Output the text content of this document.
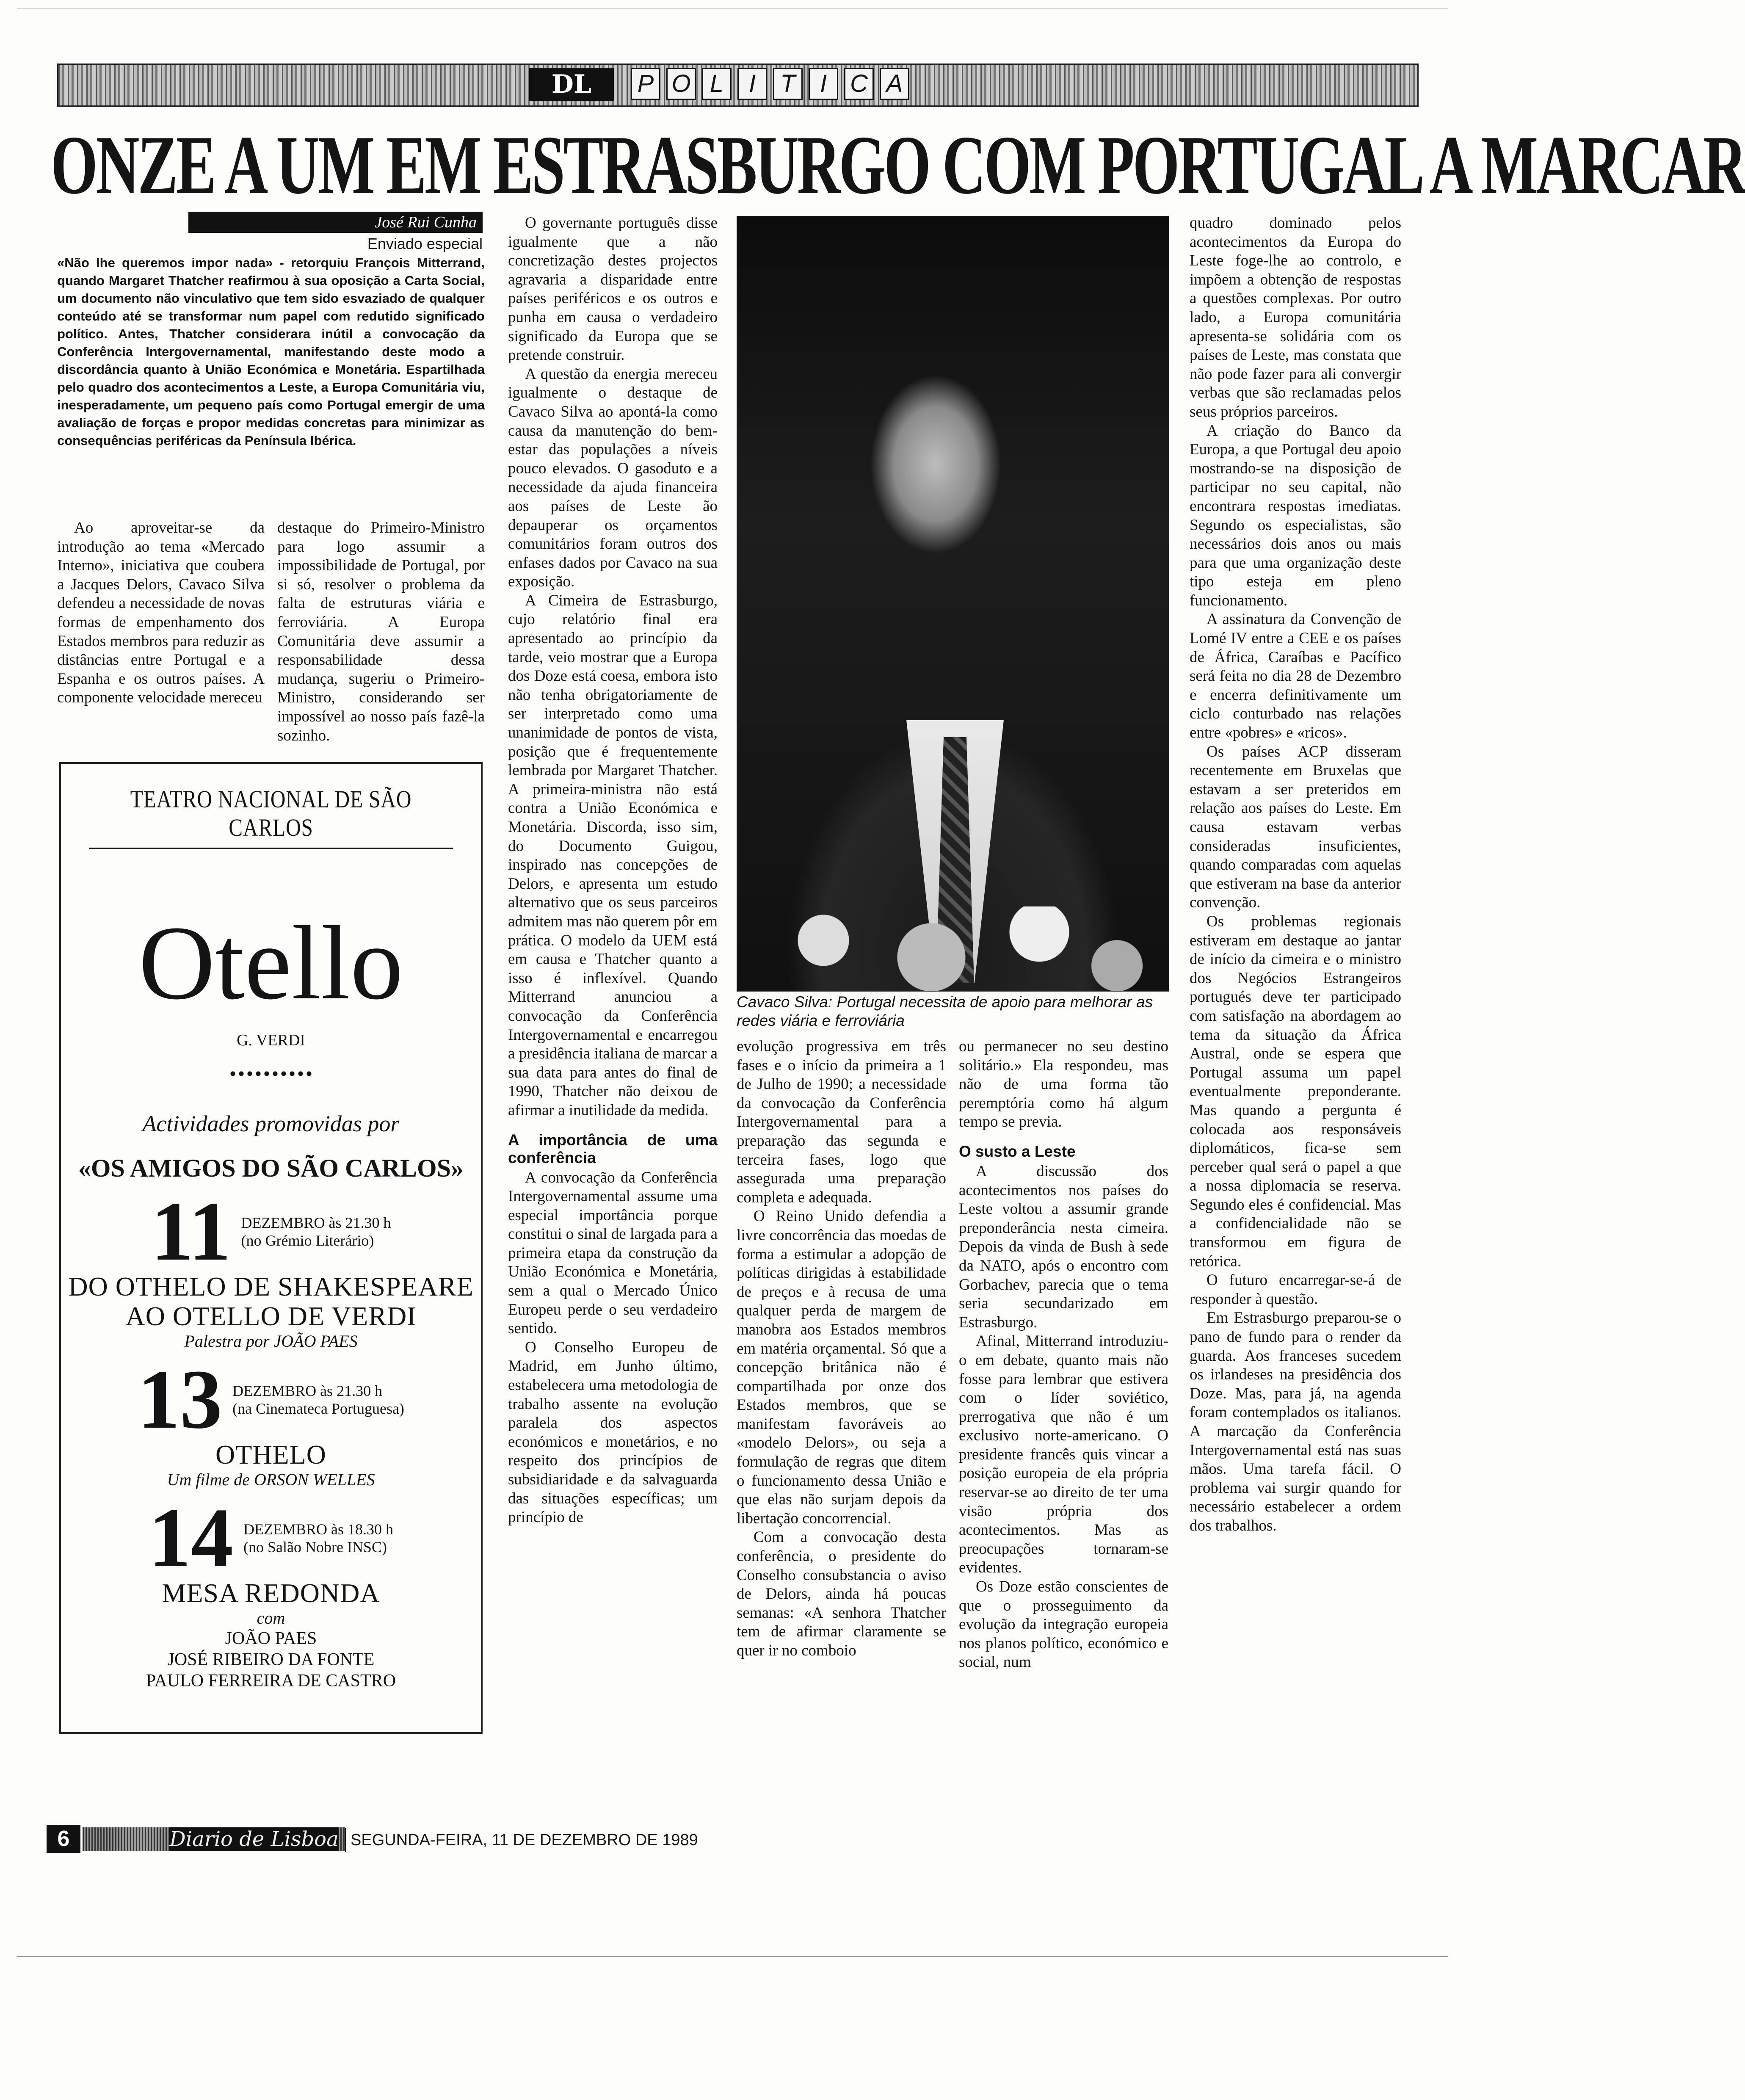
DL	P O L	I	T	I C A
ONZE A UM EM ESTRASBURGO COM PORTUGAL A MARCAR
José Rui Cunha
Enviado especial
«Não lhe queremos impor nada» - retorquiu François Mitterrand, quando Margaret Thatcher reafirmou à sua oposição a Carta Social, um documento não vinculativo que tem sido esvaziado de qualquer conteúdo até se transformar num papel com redutido significado político. Antes, Thatcher considerara inútil a convocação da Conferência Intergovernamental, manifestando deste modo a discordância quanto à União Económica e Monetária. Espartilhada pelo quadro dos acontecimentos a Leste, a Europa Comunitária viu, inesperadamente, um pequeno país como Portugal emergir de uma avaliação de forças e propor medidas concretas para minimizar as consequências periféricas da Península Ibérica.

Ao aproveitar-se da introdução ao tema «Mercado Interno», iniciativa que coubera a Jacques Delors, Cavaco Silva defendeu a necessidade de novas formas de empenhamento dos Estados membros para reduzir as distâncias entre Portugal e a Espanha e os outros países. A componente velocidade mereceu

destaque do Primeiro-Ministro para logo assumir a impossibilidade de Portugal, por si só, resolver o problema da falta de estruturas viária e ferroviária. A Europa Comunitária deve assumir a responsabilidade dessa mudança, sugeriu o Primeiro-Ministro, considerando ser impossível ao nosso país fazê-la sozinho.

O governante português disse igualmente que a não concretização destes projectos agravaria a disparidade entre países periféricos e os outros e punha em causa o verdadeiro significado da Europa que se pretende construir.

A questão da energia mereceu igualmente o destaque de Cavaco Silva ao apontá-la como causa da manutenção do bem-estar das populações a níveis pouco elevados. O gasoduto e a necessidade da ajuda financeira aos países de Leste ão depauperar os orçamentos comunitários foram outros dos enfases dados por Cavaco na sua exposição.

A Cimeira de Estrasburgo, cujo relatório final era apresentado ao princípio da tarde, veio mostrar que a Europa dos Doze está coesa, embora isto não tenha obrigatoriamente de ser interpretado como uma unanimidade de pontos de vista, posição que é frequentemente lembrada por Margaret Thatcher. A primeira-ministra não está contra a União Económica e Monetária. Discorda, isso sim, do Documento Guigou, inspirado nas concepções de Delors, e apresenta um estudo alternativo que os seus parceiros admitem mas não querem pôr em prática. O modelo da UEM está em causa e Thatcher quanto a isso é inflexível. Quando Mitterrand anunciou a convocação da Conferência Intergovernamental e encarregou a presidência italiana de marcar a sua data para antes do final de 1990, Thatcher não deixou de afirmar a inutilidade da medida.

A importância de uma conferência

A convocação da Conferência Intergovernamental assume uma especial importância porque constitui o sinal de largada para a primeira etapa da construção da União Económica e Monetária, sem a qual o Mercado Único Europeu perde o seu verdadeiro sentido.

O Conselho Europeu de Madrid, em Junho último, estabelecera uma metodologia de trabalho assente na evolução paralela dos aspectos económicos e monetários, e no respeito dos princípios de subsidiaridade e da salvaguarda das situações específicas; um princípio de

Cavaco Silva: Portugal necessita de apoio para melhorar as redes viária e ferroviária

evolução progressiva em três fases e o início da primeira a 1 de Julho de 1990; a necessidade da convocação da Conferência Intergovernamental para a preparação das segunda e terceira fases, logo que assegurada uma preparação completa e adequada.

O Reino Unido defendia a livre concorrência das moedas de forma a estimular a adopção de políticas dirigidas à estabilidade de preços e à recusa de uma qualquer perda de margem de manobra aos Estados membros em matéria orçamental. Só que a concepção britânica não é compartilhada por onze dos Estados membros, que se manifestam favoráveis ao «modelo Delors», ou seja a formulação de regras que ditem o funcionamento dessa União e que elas não surjam depois da libertação concorrencial.

Com a convocação desta conferência, o presidente do Conselho consubstancia o aviso de Delors, ainda há poucas semanas: «A senhora Thatcher tem de afirmar claramente se quer ir no comboio

ou permanecer no seu destino solitário.» Ela respondeu, mas não de uma forma tão peremptória como há algum tempo se previa.

O susto a Leste

A discussão dos acontecimentos nos países do Leste voltou a assumir grande preponderância nesta cimeira. Depois da vinda de Bush à sede da NATO, após o encontro com Gorbachev, parecia que o tema seria secundarizado em Estrasburgo.

Afinal, Mitterrand introduziu-o em debate, quanto mais não fosse para lembrar que estivera com o líder soviético, prerrogativa que não é um exclusivo norte-americano. O presidente francês quis vincar a posição europeia de ela própria reservar-se ao direito de ter uma visão própria dos acontecimentos. Mas as preocupações tornaram-se evidentes.

Os Doze estão conscientes de que o prosseguimento da evolução da integração europeia nos planos político, económico e social, num

quadro dominado pelos acontecimentos da Europa do Leste foge-lhe ao controlo, e impõem a obtenção de respostas a questões complexas. Por outro lado, a Europa comunitária apresenta-se solidária com os países de Leste, mas constata que não pode fazer para ali convergir verbas que são reclamadas pelos seus próprios parceiros.

A criação do Banco da Europa, a que Portugal deu apoio mostrando-se na disposição de participar no seu capital, não encontrara respostas imediatas. Segundo os especialistas, são necessários dois anos ou mais para que uma organização deste tipo esteja em pleno funcionamento.

A assinatura da Convenção de Lomé IV entre a CEE e os países de África, Caraíbas e Pacífico será feita no dia 28 de Dezembro e encerra definitivamente um ciclo conturbado nas relações entre «pobres» e «ricos».

Os países ACP disseram recentemente em Bruxelas que estavam a ser preteridos em relação aos países do Leste. Em causa estavam verbas consideradas insuficientes, quando comparadas com aquelas que estiveram na base da anterior convenção.

Os problemas regionais estiveram em destaque ao jantar de início da cimeira e o ministro dos Negócios Estrangeiros portugués deve ter participado com satisfação na abordagem ao tema da situação da África Austral, onde se espera que Portugal assuma um papel eventualmente preponderante. Mas quando a pergunta é colocada aos responsáveis diplomáticos, fica-se sem perceber qual será o papel a que a nossa diplomacia se reserva. Segundo eles é confidencial. Mas a confidencialidade não se transformou em figura de retórica.

O futuro encarregar-se-á de responder à questão.

Em Estrasburgo preparou-se o pano de fundo para o render da guarda. Aos franceses sucedem os irlandeses na presidência dos Doze. Mas, para já, na agenda foram contemplados os italianos. A marcação da Conferência Intergovernamental está nas suas mãos. Uma tarefa fácil. O problema vai surgir quando for necessário estabelecer a ordem dos trabalhos.

TEATRO NACIONAL DE SÃO CARLOS
Otello
G. VERDI
Actividades promovidas por
«OS AMIGOS DO SÃO CARLOS»
11 DEZEMBRO às 21.30 h
(no Grémio Literário)
DO OTHELO DE SHAKESPEARE
AO OTELLO DE VERDI
Palestra por JOÃO PAES
13 DEZEMBRO às 21.30 h
(na Cinemateca Portuguesa)
OTHELO
Um filme de ORSON WELLES
14 DEZEMBRO às 18.30 h
(no Salão Nobre INSC)
MESA REDONDA
com
JOÃO PAES
JOSÉ RIBEIRO DA FONTE
PAULO FERREIRA DE CASTRO
6	Diario de Lisboa SEGUNDA-FEIRA, 11 DE DEZEMBRO DE 1989
